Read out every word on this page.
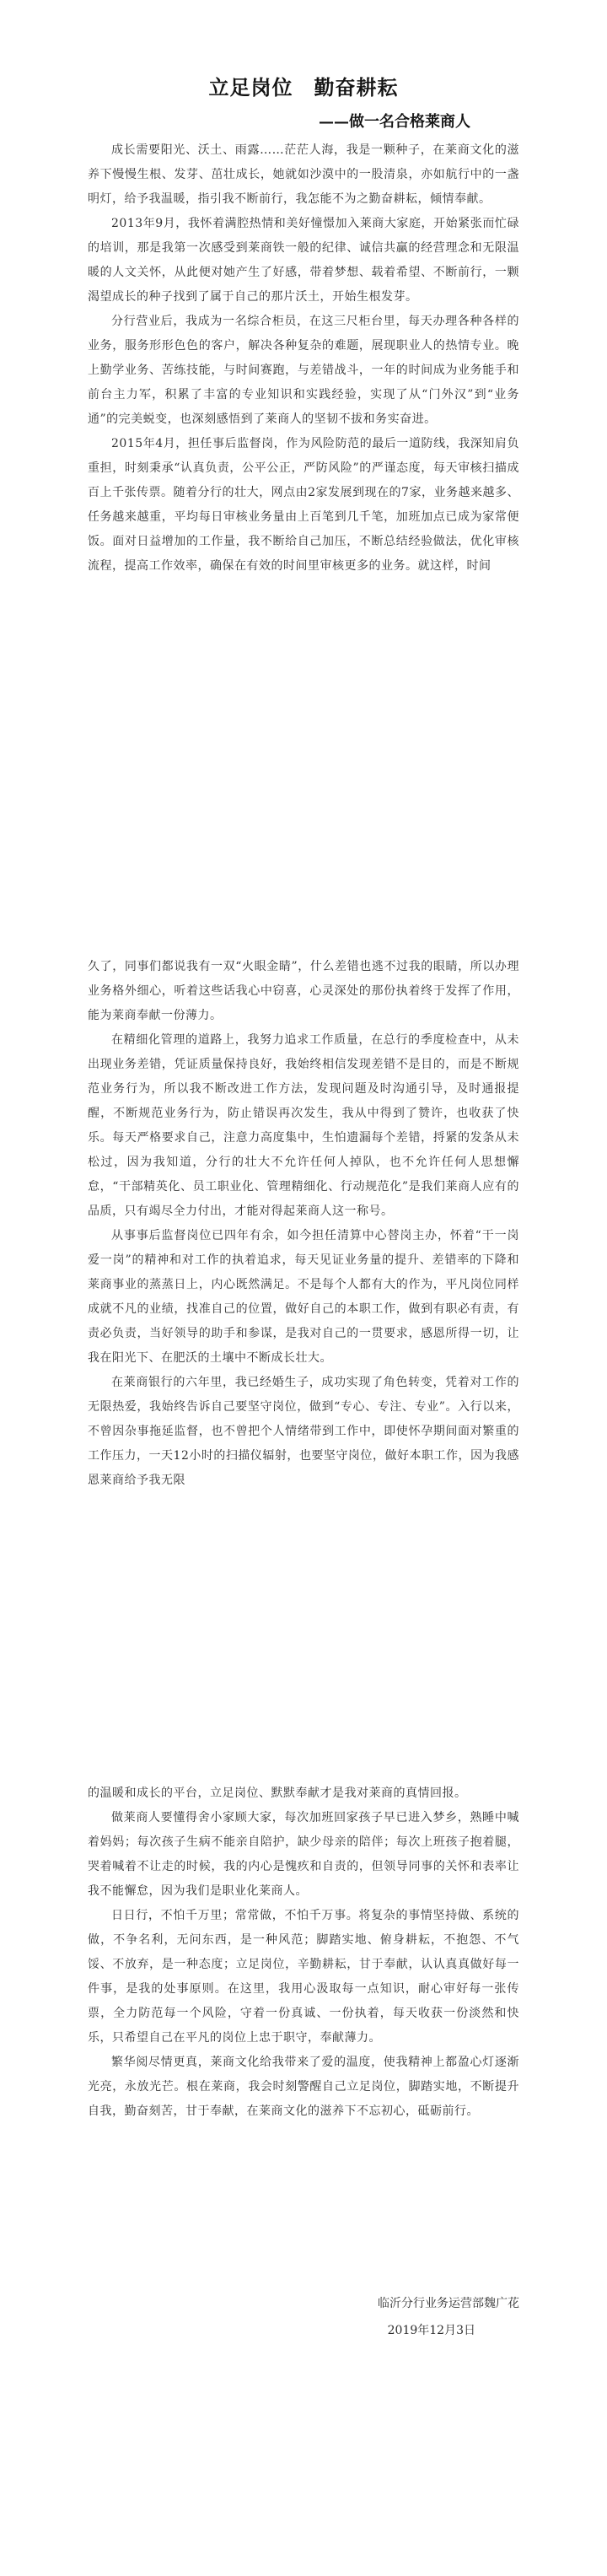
立足岗位　勤奋耕耘
——做一名合格莱商人

成长需要阳光、沃土、雨露……茫茫人海，我是一颗种子，在莱商文化的滋养下慢慢生根、发芽、茁壮成长，她就如沙漠中的一股清泉，亦如航行中的一盏明灯，给予我温暖，指引我不断前行，我怎能不为之勤奋耕耘，倾情奉献。

2013年9月，我怀着满腔热情和美好憧憬加入莱商大家庭，开始紧张而忙碌的培训，那是我第一次感受到莱商铁一般的纪律、诚信共赢的经营理念和无限温暖的人文关怀，从此便对她产生了好感，带着梦想、载着希望、不断前行，一颗渴望成长的种子找到了属于自己的那片沃土，开始生根发芽。

分行营业后，我成为一名综合柜员，在这三尺柜台里，每天办理各种各样的业务，服务形形色色的客户，解决各种复杂的难题，展现职业人的热情专业。晚上勤学业务、苦练技能，与时间赛跑，与差错战斗，一年的时间成为业务能手和前台主力军，积累了丰富的专业知识和实践经验，实现了从“门外汉”到“业务通”的完美蜕变，也深刻感悟到了莱商人的坚韧不拔和务实奋进。

2015年4月，担任事后监督岗，作为风险防范的最后一道防线，我深知肩负重担，时刻秉承“认真负责，公平公正，严防风险”的严谨态度，每天审核扫描成百上千张传票。随着分行的壮大，网点由2家发展到现在的7家，业务越来越多、任务越来越重，平均每日审核业务量由上百笔到几千笔，加班加点已成为家常便饭。面对日益增加的工作量，我不断给自己加压，不断总结经验做法，优化审核流程，提高工作效率，确保在有效的时间里审核更多的业务。就这样，时间

久了，同事们都说我有一双“火眼金睛”，什么差错也逃不过我的眼睛，所以办理业务格外细心，听着这些话我心中窃喜，心灵深处的那份执着终于发挥了作用，能为莱商奉献一份薄力。

在精细化管理的道路上，我努力追求工作质量，在总行的季度检查中，从未出现业务差错，凭证质量保持良好，我始终相信发现差错不是目的，而是不断规范业务行为，所以我不断改进工作方法，发现问题及时沟通引导，及时通报提醒，不断规范业务行为，防止错误再次发生，我从中得到了赞许，也收获了快乐。每天严格要求自己，注意力高度集中，生怕遗漏每个差错，捋紧的发条从未松过，因为我知道，分行的壮大不允许任何人掉队，也不允许任何人思想懈怠，“干部精英化、员工职业化、管理精细化、行动规范化”是我们莱商人应有的品质，只有竭尽全力付出，才能对得起莱商人这一称号。

从事事后监督岗位已四年有余，如今担任清算中心替岗主办，怀着“干一岗爱一岗”的精神和对工作的执着追求，每天见证业务量的提升、差错率的下降和莱商事业的蒸蒸日上，内心既然满足。不是每个人都有大的作为，平凡岗位同样成就不凡的业绩，找准自己的位置，做好自己的本职工作，做到有职必有责，有责必负责，当好领导的助手和参谋，是我对自己的一贯要求，感恩所得一切，让我在阳光下、在肥沃的土壤中不断成长壮大。

在莱商银行的六年里，我已经婚生子，成功实现了角色转变，凭着对工作的无限热爱，我始终告诉自己要坚守岗位，做到“专心、专注、专业”。入行以来，不曾因杂事拖延监督，也不曾把个人情绪带到工作中，即使怀孕期间面对繁重的工作压力，一天12小时的扫描仪辐射，也要坚守岗位，做好本职工作，因为我感恩莱商给予我无限

的温暖和成长的平台，立足岗位、默默奉献才是我对莱商的真情回报。

做莱商人要懂得舍小家顾大家，每次加班回家孩子早已进入梦乡，熟睡中喊着妈妈；每次孩子生病不能亲自陪护，缺少母亲的陪伴；每次上班孩子抱着腿，哭着喊着不让走的时候，我的内心是愧疚和自责的，但领导同事的关怀和表率让我不能懈怠，因为我们是职业化莱商人。

日日行，不怕千万里；常常做，不怕千万事。将复杂的事情坚持做、系统的做，不争名利，无问东西，是一种风范；脚踏实地、俯身耕耘，不抱怨、不气馁、不放弃，是一种态度；立足岗位，辛勤耕耘，甘于奉献，认认真真做好每一件事，是我的处事原则。在这里，我用心汲取每一点知识，耐心审好每一张传票，全力防范每一个风险，守着一份真诚、一份执着，每天收获一份淡然和快乐，只希望自己在平凡的岗位上忠于职守，奉献薄力。

繁华阅尽情更真，莱商文化给我带来了爱的温度，使我精神上都盈心灯逐渐光亮，永放光芒。根在莱商，我会时刻警醒自己立足岗位，脚踏实地，不断提升自我，勤奋刻苦，甘于奉献，在莱商文化的滋养下不忘初心，砥砺前行。

临沂分行业务运营部魏广花
2019年12月3日
